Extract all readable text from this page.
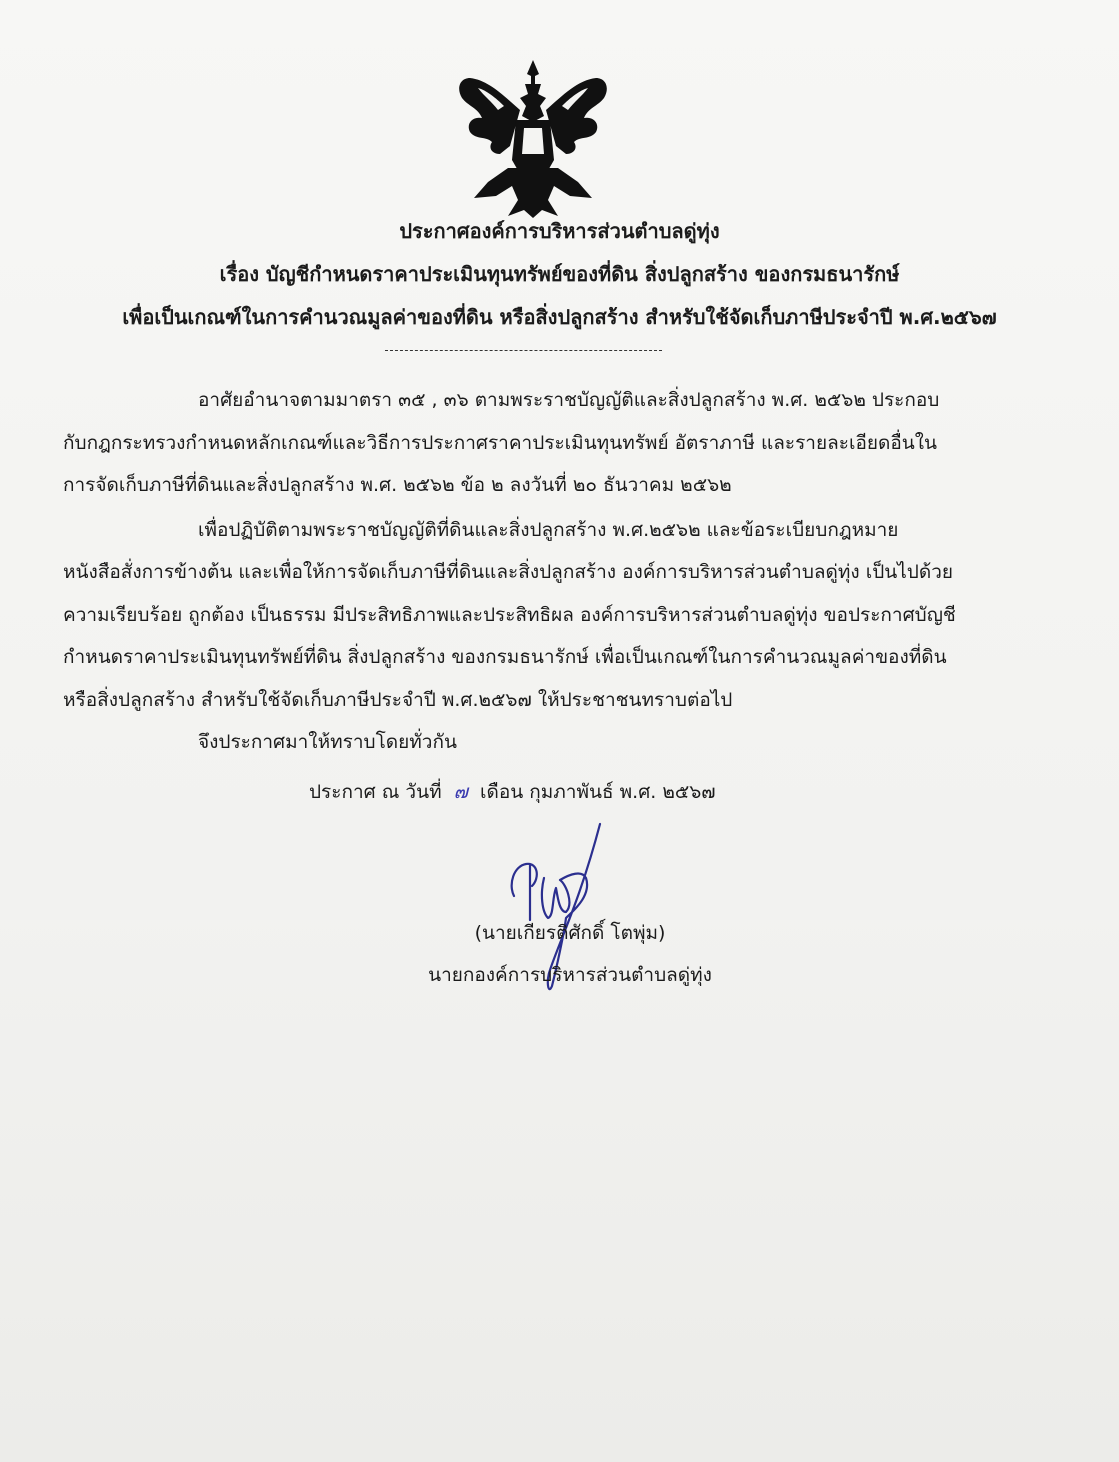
ประกาศองค์การบริหารส่วนตำบลดู่ทุ่ง
เรื่อง บัญชีกำหนดราคาประเมินทุนทรัพย์ของที่ดิน สิ่งปลูกสร้าง ของกรมธนารักษ์
เพื่อเป็นเกณฑ์ในการคำนวณมูลค่าของที่ดิน หรือสิ่งปลูกสร้าง สำหรับใช้จัดเก็บภาษีประจำปี พ.ศ.๒๕๖๗
อาศัยอำนาจตามมาตรา ๓๕ , ๓๖ ตามพระราชบัญญัติและสิ่งปลูกสร้าง พ.ศ. ๒๕๖๒ ประกอบ
กับกฎกระทรวงกำหนดหลักเกณฑ์และวิธีการประกาศราคาประเมินทุนทรัพย์ อัตราภาษี และรายละเอียดอื่นใน
การจัดเก็บภาษีที่ดินและสิ่งปลูกสร้าง พ.ศ. ๒๕๖๒ ข้อ ๒ ลงวันที่ ๒๐ ธันวาคม ๒๕๖๒
เพื่อปฏิบัติตามพระราชบัญญัติที่ดินและสิ่งปลูกสร้าง พ.ศ.๒๕๖๒ และข้อระเบียบกฎหมาย
หนังสือสั่งการข้างต้น และเพื่อให้การจัดเก็บภาษีที่ดินและสิ่งปลูกสร้าง องค์การบริหารส่วนตำบลดู่ทุ่ง เป็นไปด้วย
ความเรียบร้อย ถูกต้อง เป็นธรรม มีประสิทธิภาพและประสิทธิผล องค์การบริหารส่วนตำบลดู่ทุ่ง ขอประกาศบัญชี
กำหนดราคาประเมินทุนทรัพย์ที่ดิน สิ่งปลูกสร้าง ของกรมธนารักษ์ เพื่อเป็นเกณฑ์ในการคำนวณมูลค่าของที่ดิน
หรือสิ่งปลูกสร้าง สำหรับใช้จัดเก็บภาษีประจำปี พ.ศ.๒๕๖๗ ให้ประชาชนทราบต่อไป
จึงประกาศมาให้ทราบโดยทั่วกัน
ประกาศ ณ วันที่ ๗ เดือน กุมภาพันธ์ พ.ศ. ๒๕๖๗
(นายเกียรติศักดิ์ โตพุ่ม)
นายกองค์การบริหารส่วนตำบลดู่ทุ่ง
